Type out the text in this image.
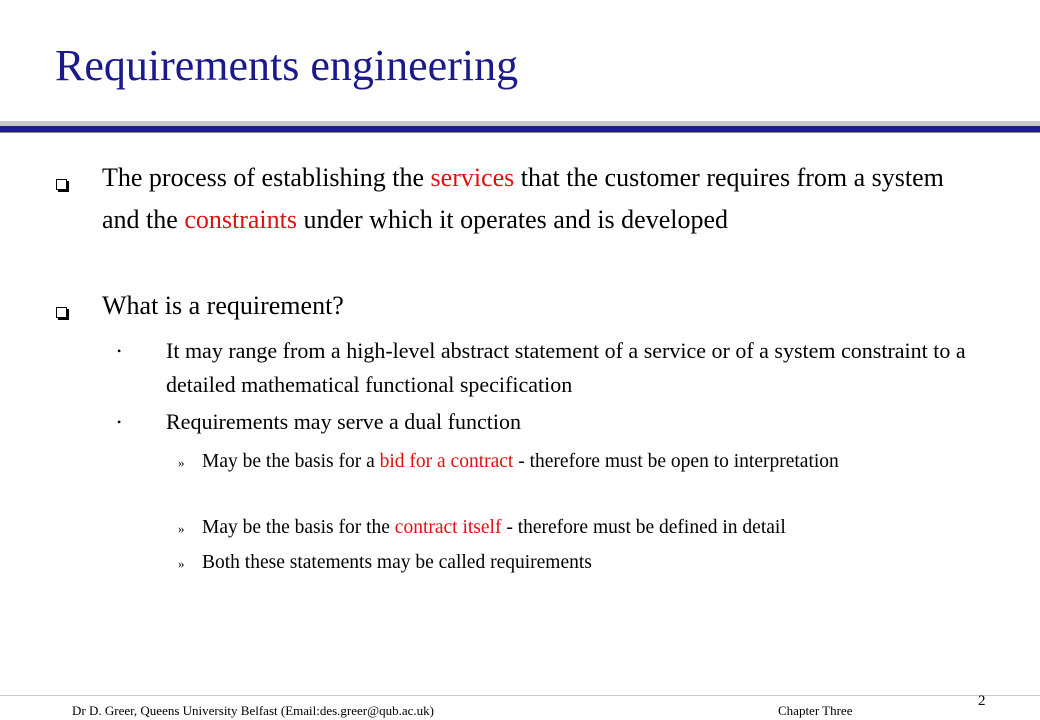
Requirements engineering
The process of establishing the services that the customer requires from a system and the constraints under which it operates and is developed
What is a requirement?
• It may range from a high-level abstract statement of a service or of a system constraint to a detailed mathematical functional specification
• Requirements may serve a dual function
» May be the basis for a bid for a contract - therefore must be open to interpretation
» May be the basis for the contract itself - therefore must be defined in detail
» Both these statements may be called requirements
Dr D. Greer, Queens University Belfast (Email:des.greer@qub.ac.uk)	Chapter Three
2
